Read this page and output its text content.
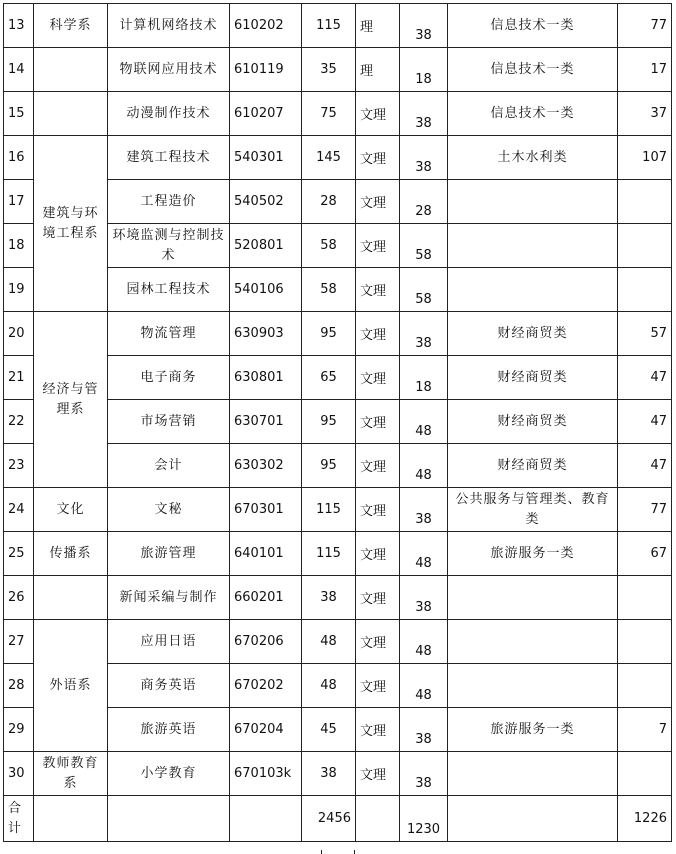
13	科学系	计算机网络技术	610202	115	理	38	信息技术一类	77
14		物联网应用技术	610119	35	理	18	信息技术一类	17
15		动漫制作技术	610207	75	文理	38	信息技术一类	37
16	建筑与环境工程系	建筑工程技术	540301	145	文理	38	土木水利类	107
17		工程造价	540502	28	文理	28		
18		环境监测与控制技术	520801	58	文理	58		
19		园林工程技术	540106	58	文理	58		
20	经济与管理系	物流管理	630903	95	文理	38	财经商贸类	57
21		电子商务	630801	65	文理	18	财经商贸类	47
22		市场营销	630701	95	文理	48	财经商贸类	47
23		会计	630302	95	文理	48	财经商贸类	47
24	文化	文秘	670301	115	文理	38	公共服务与管理类、教育类	77
25	传播系	旅游管理	640101	115	文理	48	旅游服务一类	67
26		新闻采编与制作	660201	38	文理	38		
27	外语系	应用日语	670206	48	文理	48		
28		商务英语	670202	48	文理	48		
29		旅游英语	670204	45	文理	38	旅游服务一类	7
30	教师教育系	小学教育	670103k	38	文理	38		
合计				2456		1230		1226
